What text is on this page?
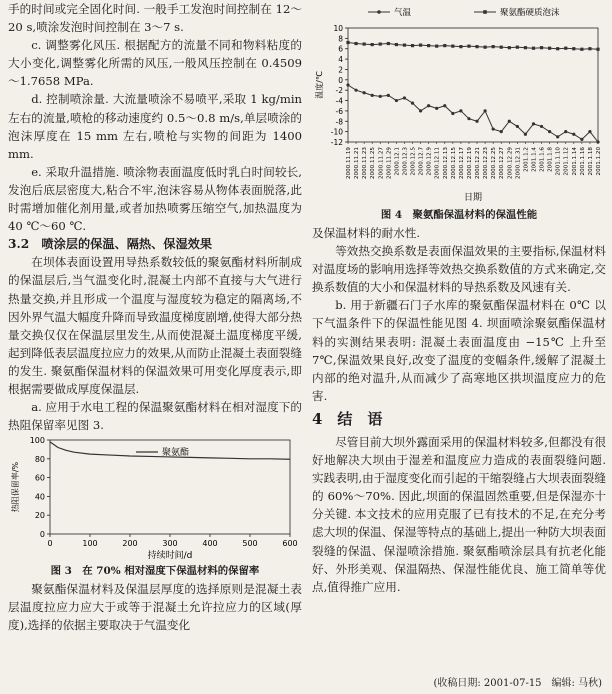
手的时间或完全固化时间. 一般手工发泡时间控制在 12～20 s,喷涂发泡时间控制在 3～7 s.

c. 调整雾化风压. 根据配方的流量不同和物料粘度的大小变化,调整雾化所需的风压,一般风压控制在 0.4509～1.7658 MPa.

d. 控制喷涂量. 大流量喷涂不易喷平,采取 1 kg/min 左右的流量,喷枪的移动速度约 0.5～0.8 m/s,单层喷涂的泡沫厚度在 15 mm 左右,喷枪与实物的间距为 1400 mm.

e. 采取升温措施. 喷涂物表面温度低时乳白时间较长,发泡后底层密度大,粘合不牢,泡沫容易从物体表面脱落,此时需增加催化剂用量,或者加热喷雾压缩空气,加热温度为 40 ℃～60 ℃.

3.2　喷涂层的保温、隔热、保湿效果

在坝体表面设置用导热系数较低的聚氨酯材料所制成的保温层后,当气温变化时,混凝土内部不直接与大气进行热量交换,并且形成一个温度与湿度较为稳定的隔离场,不因外界气温大幅度升降而导致温度梯度剧增,使得大部分热量交换仅仅在保温层里发生,从而使混凝土温度梯度平缓,起到降低表层温度拉应力的效果,从而防止混凝土表面裂缝的发生. 聚氨酯保温材料的保温效果可用变化厚度表示,即根据需要做成厚度保温层.

a. 应用于水电工程的保温聚氨酯材料在相对湿度下的热阻保留率见图 3.

0
20
40
60
80
100
0	100	200	300	400	500	600
持续时间/d
热阻保留率/%
聚氨酯
图 3　在 70% 相对湿度下保温材料的保留率

聚氨酯保温材料及保温层厚度的选择原则是混凝土表层温度拉应力应大于或等于混凝土允许拉应力的区域(厚度),选择的依据主要取决于气温变化

-12
-10
-8
-6
-4
-2
0
2
4
6
8
10
2000.11.19 2000.11.21 2000.11.23 2000.11.25 2000.11.27 2000.11.29 2000.12.1 2000.12.3 2000.12.5 2000.12.7 2000.12.9 2000.12.11 2000.12.13 2000.12.15 2000.12.17 2000.12.19 2000.12.21 2000.12.23 2000.12.25 2000.12.27 2000.12.29 2000.12.31 2001.1.2 2001.1.4 2001.1.6 2001.1.8 2001.1.10 2001.1.12 2001.1.14 2001.1.16 2001.1.18 2001.1.20
日期
温度/℃
气温	聚氨酯硬质泡沫
图 4　聚氨酯保温材料的保温性能

及保温材料的耐水性.

等效热交换系数是表面保温效果的主要指标,保温材料对温度场的影响用选择等效热交换系数值的方式来确定,交换系数值的大小和保温材料的导热系数及风速有关.

b. 用于新疆石门子水库的聚氨酯保温材料在 0℃ 以下气温条件下的保温性能见图 4. 坝面喷涂聚氨酯保温材料的实测结果表明: 混凝土表面温度由 −15℃ 上升至 7℃,保温效果良好,改变了温度的变幅条件,缓解了混凝土内部的绝对温升,从而减少了高寒地区拱坝温度应力的危害.

4　结　语

尽管目前大坝外露面采用的保温材料较多,但都没有很好地解决大坝由于湿差和温度应力造成的表面裂缝问题. 实践表明,由于湿度变化而引起的干缩裂缝占大坝表面裂缝的 60%～70%. 因此,坝面的保温固然重要,但是保湿亦十分关键. 本文技术的应用克服了已有技术的不足,在充分考虑大坝的保温、保湿等特点的基础上,提出一种防大坝表面裂缝的保温、保湿喷涂措施. 聚氨酯喷涂层具有抗老化能好、外形美观、保温隔热、保湿性能优良、施工简单等优点,值得推广应用.

(收稿日期: 2001-07-15　编辑: 马秋)
